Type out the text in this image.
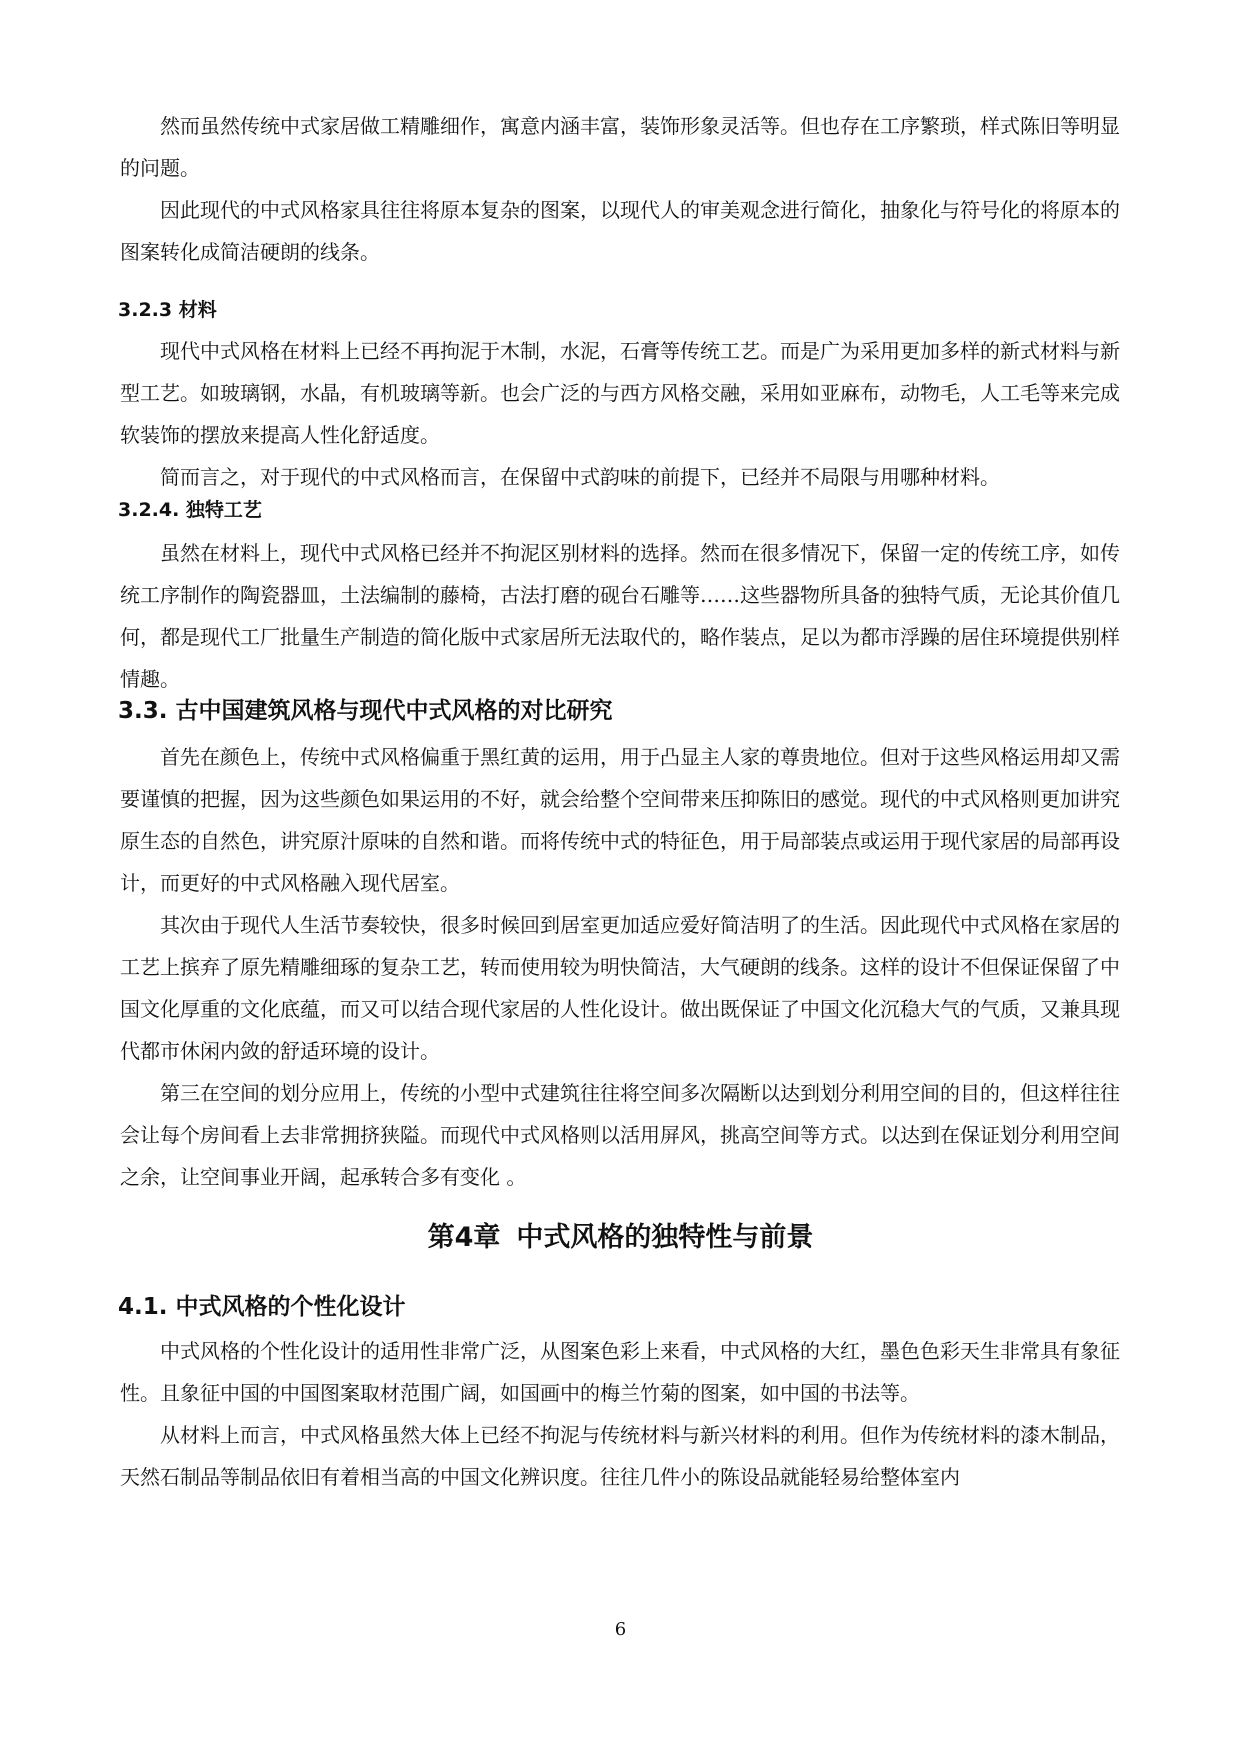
　　然而虽然传统中式家居做工精雕细作，寓意内涵丰富，装饰形象灵活等。但也存在工序繁琐，样式陈旧等明显的问题。

　　因此现代的中式风格家具往往将原本复杂的图案，以现代人的审美观念进行简化，抽象化与符号化的将原本的图案转化成简洁硬朗的线条。

3.2.3 材料

　　现代中式风格在材料上已经不再拘泥于木制，水泥，石膏等传统工艺。而是广为采用更加多样的新式材料与新型工艺。如玻璃钢，水晶，有机玻璃等新。也会广泛的与西方风格交融，采用如亚麻布，动物毛，人工毛等来完成软装饰的摆放来提高人性化舒适度。

　　简而言之，对于现代的中式风格而言，在保留中式韵味的前提下，已经并不局限与用哪种材料。

3.2.4. 独特工艺

　　虽然在材料上，现代中式风格已经并不拘泥区别材料的选择。然而在很多情况下，保留一定的传统工序，如传统工序制作的陶瓷器皿，土法编制的藤椅，古法打磨的砚台石雕等……这些器物所具备的独特气质，无论其价值几何，都是现代工厂批量生产制造的简化版中式家居所无法取代的，略作装点，足以为都市浮躁的居住环境提供别样情趣。

3.3. 古中国建筑风格与现代中式风格的对比研究

　　首先在颜色上，传统中式风格偏重于黑红黄的运用，用于凸显主人家的尊贵地位。但对于这些风格运用却又需要谨慎的把握，因为这些颜色如果运用的不好，就会给整个空间带来压抑陈旧的感觉。现代的中式风格则更加讲究原生态的自然色，讲究原汁原味的自然和谐。而将传统中式的特征色，用于局部装点或运用于现代家居的局部再设计，而更好的中式风格融入现代居室。

　　其次由于现代人生活节奏较快，很多时候回到居室更加适应爱好简洁明了的生活。因此现代中式风格在家居的工艺上摈弃了原先精雕细琢的复杂工艺，转而使用较为明快简洁，大气硬朗的线条。这样的设计不但保证保留了中国文化厚重的文化底蕴，而又可以结合现代家居的人性化设计。做出既保证了中国文化沉稳大气的气质，又兼具现代都市休闲内敛的舒适环境的设计。

　　第三在空间的划分应用上，传统的小型中式建筑往往将空间多次隔断以达到划分利用空间的目的，但这样往往会让每个房间看上去非常拥挤狭隘。而现代中式风格则以活用屏风，挑高空间等方式。以达到在保证划分利用空间之余，让空间事业开阔，起承转合多有变化 。

第4章 中式风格的独特性与前景
4.1. 中式风格的个性化设计

　　中式风格的个性化设计的适用性非常广泛，从图案色彩上来看，中式风格的大红，墨色色彩天生非常具有象征性。且象征中国的中国图案取材范围广阔，如国画中的梅兰竹菊的图案，如中国的书法等。

　　从材料上而言，中式风格虽然大体上已经不拘泥与传统材料与新兴材料的利用。但作为传统材料的漆木制品，天然石制品等制品依旧有着相当高的中国文化辨识度。往往几件小的陈设品就能轻易给整体室内

6
